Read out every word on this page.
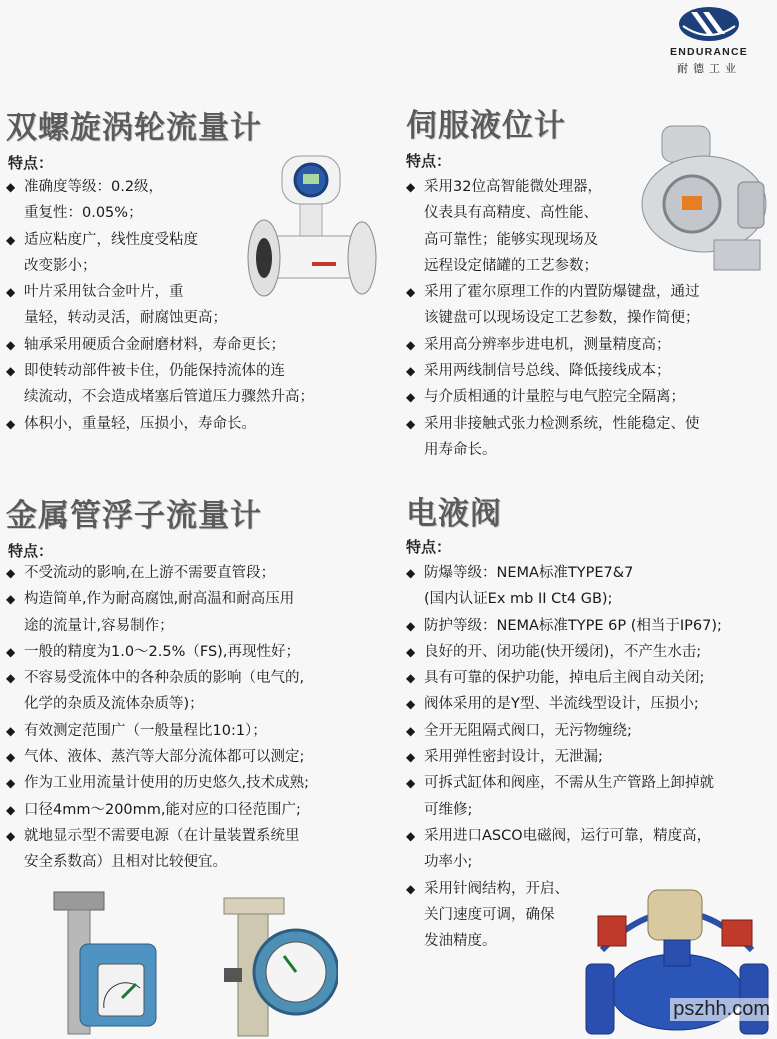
ENDURANCE
耐德工业
双螺旋涡轮流量计
特点：
◆ 准确度等级：0.2级，
重复性：0.05%；
◆ 适应粘度广，线性度受粘度
改变影小；
◆ 叶片采用钛合金叶片，重
量轻，转动灵活，耐腐蚀更高；
◆ 轴承采用硬质合金耐磨材料，寿命更长；
◆ 即使转动部件被卡住，仍能保持流体的连
续流动，不会造成堵塞后管道压力骤然升高；
◆ 体积小，重量轻，压损小，寿命长。
伺服液位计
特点：
◆ 采用32位高智能微处理器，
仪表具有高精度、高性能、
高可靠性；能够实现现场及
远程设定储罐的工艺参数；
◆ 采用了霍尔原理工作的内置防爆键盘，通过
该键盘可以现场设定工艺参数，操作简便；
◆ 采用高分辨率步进电机，测量精度高；
◆ 采用两线制信号总线、降低接线成本；
◆ 与介质相通的计量腔与电气腔完全隔离；
◆ 采用非接触式张力检测系统，性能稳定、使
用寿命长。
金属管浮子流量计
特点：
◆ 不受流动的影响,在上游不需要直管段；
◆ 构造简单,作为耐高腐蚀,耐高温和耐高压用
途的流量计,容易制作；
◆ 一般的精度为1.0～2.5%（FS),再现性好；
◆ 不容易受流体中的各种杂质的影响（电气的,
化学的杂质及流体杂质等)；
◆ 有效测定范围广（一般量程比10:1）；
◆ 气体、液体、蒸汽等大部分流体都可以测定;
◆ 作为工业用流量计使用的历史悠久,技术成熟;
◆ 口径4mm～200mm,能对应的口径范围广;
◆ 就地显示型不需要电源（在计量装置系统里
安全系数高）且相对比较便宜。
电液阀
特点：
◆ 防爆等级：NEMA标准TYPE7&7
(国内认证Ex mb II Ct4 GB);
◆ 防护等级：NEMA标准TYPE 6P (相当于IP67);
◆ 良好的开、闭功能(快开缓闭)，不产生水击;
◆ 具有可靠的保护功能，掉电后主阀自动关闭;
◆ 阀体采用的是Y型、半流线型设计，压损小;
◆ 全开无阻隔式阀口，无污物缠绕;
◆ 采用弹性密封设计，无泄漏;
◆ 可拆式缸体和阀座，不需从生产管路上卸掉就
可维修;
◆ 采用进口ASCO电磁阀，运行可靠，精度高，
功率小;
◆ 采用针阀结构，开启、
关门速度可调，确保
发油精度。
pszhh.com
